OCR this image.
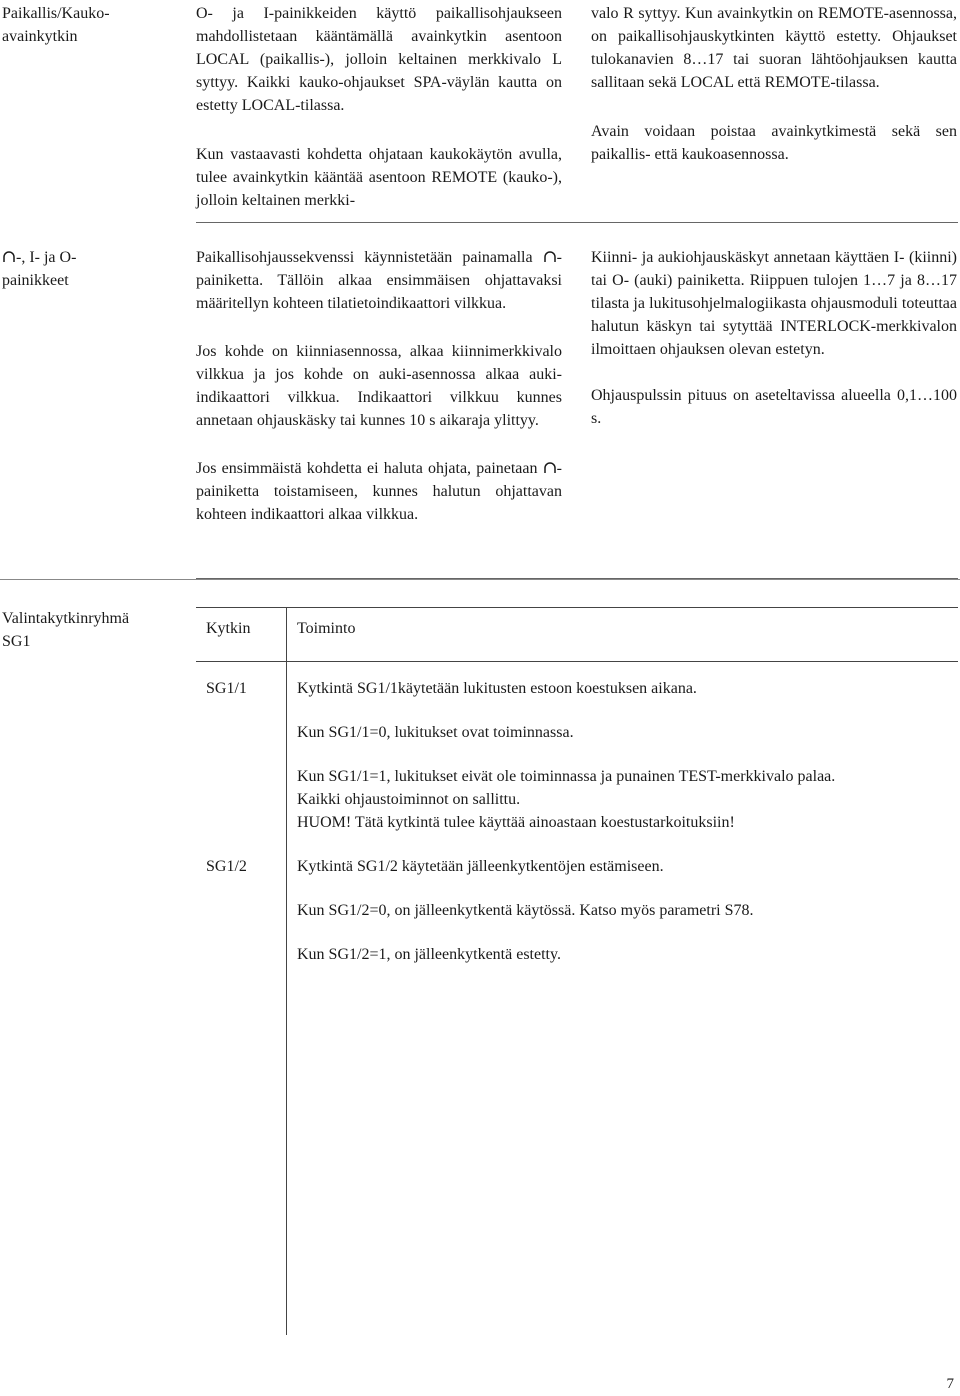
Paikallis/Kauko-avainkytkin

O- ja I-painikkeiden käyttö paikallisohjaukseen mahdollistetaan kääntämällä avainkytkin asentoon LOCAL (paikallis-), jolloin keltainen merkkivalo L syttyy. Kaikki kauko-ohjaukset SPA-väylän kautta on estetty LOCAL-tilassa.

Kun vastaavasti kohdetta ohjataan kaukokäytön avulla, tulee avainkytkin kääntää asentoon REMOTE (kauko-), jolloin keltainen merkki-

valo R syttyy. Kun avainkytkin on REMOTE-asennossa, on paikallisohjauskytkinten käyttö estetty. Ohjaukset tulokanavien 8…17 tai suoran lähtöohjauksen kautta sallitaan sekä LOCAL että REMOTE-tilassa.

Avain voidaan poistaa avainkytkimestä sekä sen paikallis- että kaukoasennossa.

-, I- ja O-painikkeet

Paikallisohjaussekvenssi käynnistetään painamalla
-painiketta. Tällöin alkaa ensimmäisen ohjattavaksi määritellyn kohteen tilatietoindikaattori vilkkua.

Jos kohde on kiinniasennossa, alkaa kiinnimerkkivalo vilkkua ja jos kohde on auki-asennossa alkaa auki-indikaattori vilkkua. Indikaattori vilkkuu kunnes annetaan ohjauskäsky tai kunnes 10 s aikaraja ylittyy.

Jos ensimmäistä kohdetta ei haluta ohjata, painetaan
-painiketta toistamiseen, kunnes halutun ohjattavan kohteen indikaattori alkaa vilkkua.

Kiinni- ja aukiohjauskäskyt annetaan käyttäen I- (kiinni) tai O- (auki) painiketta. Riippuen tulojen 1…7 ja 8…17 tilasta ja lukitusohjelmalogiikasta ohjausmoduli toteuttaa halutun käskyn tai sytyttää INTERLOCK-merkkivalon ilmoittaen ohjauksen olevan estetyn.

Ohjauspulssin pituus on aseteltavissa alueella 0,1…100 s.

Valintakytkinryhmä SG1
Kytkin	Toiminto
SG1/1	Kytkintä SG1/1käytetään lukitusten estoon koestuksen aikana.
Kun SG1/1=0, lukitukset ovat toiminnassa.
Kun SG1/1=1, lukitukset eivät ole toiminnassa ja punainen TEST-merkkivalo palaa.
Kaikki ohjaustoiminnot on sallittu.
HUOM! Tätä kytkintä tulee käyttää ainoastaan koestustarkoituksiin!

SG1/2	Kytkintä SG1/2 käytetään jälleenkytkentöjen estämiseen.
Kun SG1/2=0, on jälleenkytkentä käytössä. Katso myös parametri S78.
Kun SG1/2=1, on jälleenkytkentä estetty.
7
